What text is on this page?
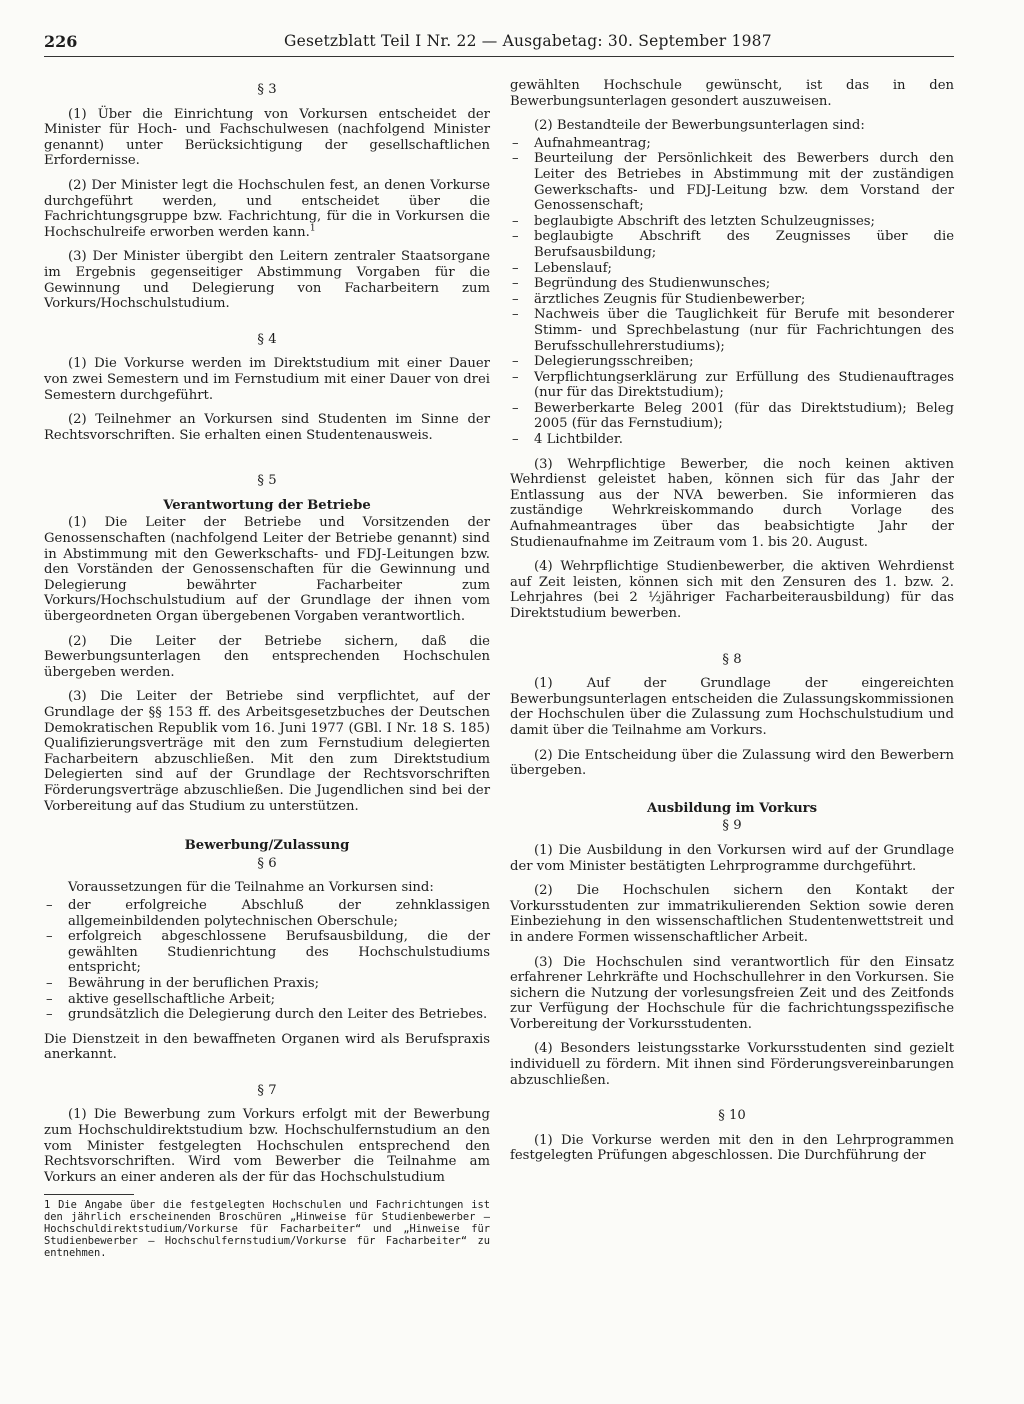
226	Gesetzblatt Teil I Nr. 22 — Ausgabetag: 30. September 1987
§ 3

(1) Über die Einrichtung von Vorkursen entscheidet der Minister für Hoch- und Fachschulwesen (nachfolgend Minister genannt) unter Berücksichtigung der gesellschaftlichen Erfordernisse.

(2) Der Minister legt die Hochschulen fest, an denen Vorkurse durchgeführt werden, und entscheidet über die Fachrichtungsgruppe bzw. Fachrichtung, für die in Vorkursen die Hochschulreife erworben werden kann.$^1$

(3) Der Minister übergibt den Leitern zentraler Staatsorgane im Ergebnis gegenseitiger Abstimmung Vorgaben für die Gewinnung und Delegierung von Facharbeitern zum Vorkurs/Hochschulstudium.

§ 4

(1) Die Vorkurse werden im Direktstudium mit einer Dauer von zwei Semestern und im Fernstudium mit einer Dauer von drei Semestern durchgeführt.

(2) Teilnehmer an Vorkursen sind Studenten im Sinne der Rechtsvorschriften. Sie erhalten einen Studentenausweis.

§ 5
Verantwortung der Betriebe

(1) Die Leiter der Betriebe und Vorsitzenden der Genossenschaften (nachfolgend Leiter der Betriebe genannt) sind in Abstimmung mit den Gewerkschafts- und FDJ-Leitungen bzw. den Vorständen der Genossenschaften für die Gewinnung und Delegierung bewährter Facharbeiter zum Vorkurs/Hochschulstudium auf der Grundlage der ihnen vom übergeordneten Organ übergebenen Vorgaben verantwortlich.

(2) Die Leiter der Betriebe sichern, daß die Bewerbungsunterlagen den entsprechenden Hochschulen übergeben werden.

(3) Die Leiter der Betriebe sind verpflichtet, auf der Grundlage der §§ 153 ff. des Arbeitsgesetzbuches der Deutschen Demokratischen Republik vom 16. Juni 1977 (GBl. I Nr. 18 S. 185) Qualifizierungsverträge mit den zum Fernstudium delegierten Facharbeitern abzuschließen. Mit den zum Direktstudium Delegierten sind auf der Grundlage der Rechtsvorschriften Förderungsverträge abzuschließen. Die Jugendlichen sind bei der Vorbereitung auf das Studium zu unterstützen.

Bewerbung/Zulassung
§ 6

Voraussetzungen für die Teilnahme an Vorkursen sind:

– der erfolgreiche Abschluß der zehnklassigen allgemeinbildenden polytechnischen Oberschule;
– erfolgreich abgeschlossene Berufsausbildung, die der gewählten Studienrichtung des Hochschulstudiums entspricht;
– Bewährung in der beruflichen Praxis;
– aktive gesellschaftliche Arbeit;
– grundsätzlich die Delegierung durch den Leiter des Betriebes.

Die Dienstzeit in den bewaffneten Organen wird als Berufspraxis anerkannt.

§ 7

(1) Die Bewerbung zum Vorkurs erfolgt mit der Bewerbung zum Hochschuldirektstudium bzw. Hochschulfernstudium an den vom Minister festgelegten Hochschulen entsprechend den Rechtsvorschriften. Wird vom Bewerber die Teilnahme am Vorkurs an einer anderen als der für das Hochschulstudium

1 Die Angabe über die festgelegten Hochschulen und Fachrichtungen ist den jährlich erscheinenden Broschüren „Hinweise für Studienbewerber — Hochschuldirektstudium/Vorkurse für Facharbeiter“ und „Hinweise für Studienbewerber — Hochschulfernstudium/Vorkurse für Facharbeiter“ zu entnehmen.

gewählten Hochschule gewünscht, ist das in den Bewerbungsunterlagen gesondert auszuweisen.

(2) Bestandteile der Bewerbungsunterlagen sind:

– Aufnahmeantrag;
– Beurteilung der Persönlichkeit des Bewerbers durch den Leiter des Betriebes in Abstimmung mit der zuständigen Gewerkschafts- und FDJ-Leitung bzw. dem Vorstand der Genossenschaft;
– beglaubigte Abschrift des letzten Schulzeugnisses;
– beglaubigte Abschrift des Zeugnisses über die Berufsausbildung;
– Lebenslauf;
– Begründung des Studienwunsches;
– ärztliches Zeugnis für Studienbewerber;
– Nachweis über die Tauglichkeit für Berufe mit besonderer Stimm- und Sprechbelastung (nur für Fachrichtungen des Berufsschullehrerstudiums);
– Delegierungsschreiben;
– Verpflichtungserklärung zur Erfüllung des Studienauftrages (nur für das Direktstudium);
– Bewerberkarte Beleg 2001 (für das Direktstudium); Beleg 2005 (für das Fernstudium);
– 4 Lichtbilder.

(3) Wehrpflichtige Bewerber, die noch keinen aktiven Wehrdienst geleistet haben, können sich für das Jahr der Entlassung aus der NVA bewerben. Sie informieren das zuständige Wehrkreiskommando durch Vorlage des Aufnahmeantrages über das beabsichtigte Jahr der Studienaufnahme im Zeitraum vom 1. bis 20. August.

(4) Wehrpflichtige Studienbewerber, die aktiven Wehrdienst auf Zeit leisten, können sich mit den Zensuren des 1. bzw. 2. Lehrjahres (bei 2 ½jähriger Facharbeiterausbildung) für das Direktstudium bewerben.

§ 8

(1) Auf der Grundlage der eingereichten Bewerbungsunterlagen entscheiden die Zulassungskommissionen der Hochschulen über die Zulassung zum Hochschulstudium und damit über die Teilnahme am Vorkurs.

(2) Die Entscheidung über die Zulassung wird den Bewerbern übergeben.

Ausbildung im Vorkurs
§ 9

(1) Die Ausbildung in den Vorkursen wird auf der Grundlage der vom Minister bestätigten Lehrprogramme durchgeführt.

(2) Die Hochschulen sichern den Kontakt der Vorkursstudenten zur immatrikulierenden Sektion sowie deren Einbeziehung in den wissenschaftlichen Studentenwettstreit und in andere Formen wissenschaftlicher Arbeit.

(3) Die Hochschulen sind verantwortlich für den Einsatz erfahrener Lehrkräfte und Hochschullehrer in den Vorkursen. Sie sichern die Nutzung der vorlesungsfreien Zeit und des Zeitfonds zur Verfügung der Hochschule für die fachrichtungsspezifische Vorbereitung der Vorkursstudenten.

(4) Besonders leistungsstarke Vorkursstudenten sind gezielt individuell zu fördern. Mit ihnen sind Förderungsvereinbarungen abzuschließen.

§ 10

(1) Die Vorkurse werden mit den in den Lehrprogrammen festgelegten Prüfungen abgeschlossen. Die Durchführung der
